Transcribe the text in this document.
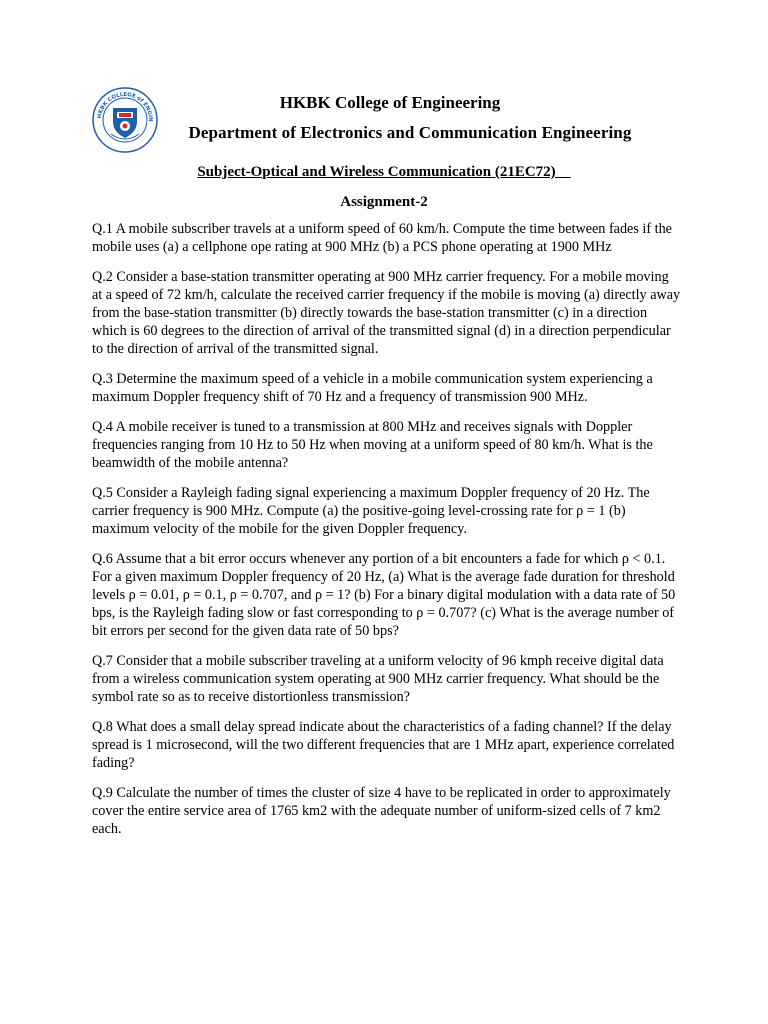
HKBK COLLEGE of ENGIN

HKBK College of Engineering

Department of Electronics and Communication Engineering

Subject-Optical and Wireless Communication (21EC72)
Assignment-2

Q.1 A mobile subscriber travels at a uniform speed of 60 km/h. Compute the time between fades if the mobile uses (a) a cellphone ope rating at 900 MHz (b) a PCS phone operating at 1900 MHz

Q.2 Consider a base-station transmitter operating at 900 MHz carrier frequency. For a mobile moving at a speed of 72 km/h, calculate the received carrier frequency if the mobile is moving (a) directly away from the base-station transmitter (b) directly towards the base-station transmitter (c) in a direction which is 60 degrees to the direction of arrival of the transmitted signal (d) in a direction perpendicular to the direction of arrival of the transmitted signal.

Q.3 Determine the maximum speed of a vehicle in a mobile communication system experiencing a maximum Doppler frequency shift of 70 Hz and a frequency of transmission 900 MHz.

Q.4 A mobile receiver is tuned to a transmission at 800 MHz and receives signals with Doppler frequencies ranging from 10 Hz to 50 Hz when moving at a uniform speed of 80 km/h. What is the beamwidth of the mobile antenna?

Q.5 Consider a Rayleigh fading signal experiencing a maximum Doppler frequency of 20 Hz. The carrier frequency is 900 MHz. Compute (a) the positive-going level-crossing rate for ρ = 1 (b) maximum velocity of the mobile for the given Doppler frequency.

Q.6 Assume that a bit error occurs whenever any portion of a bit encounters a fade for which ρ < 0.1. For a given maximum Doppler frequency of 20 Hz, (a) What is the average fade duration for threshold levels ρ = 0.01, ρ = 0.1, ρ = 0.707, and ρ = 1? (b) For a binary digital modulation with a data rate of 50 bps, is the Rayleigh fading slow or fast corresponding to ρ = 0.707? (c) What is the average number of bit errors per second for the given data rate of 50 bps?

Q.7 Consider that a mobile subscriber traveling at a uniform velocity of 96 kmph receive digital data from a wireless communication system operating at 900 MHz carrier frequency. What should be the symbol rate so as to receive distortionless transmission?

Q.8 What does a small delay spread indicate about the characteristics of a fading channel? If the delay spread is 1 microsecond, will the two different frequencies that are 1 MHz apart, experience correlated fading?

Q.9 Calculate the number of times the cluster of size 4 have to be replicated in order to approximately cover the entire service area of 1765 km2 with the adequate number of uniform-sized cells of 7 km2 each.
